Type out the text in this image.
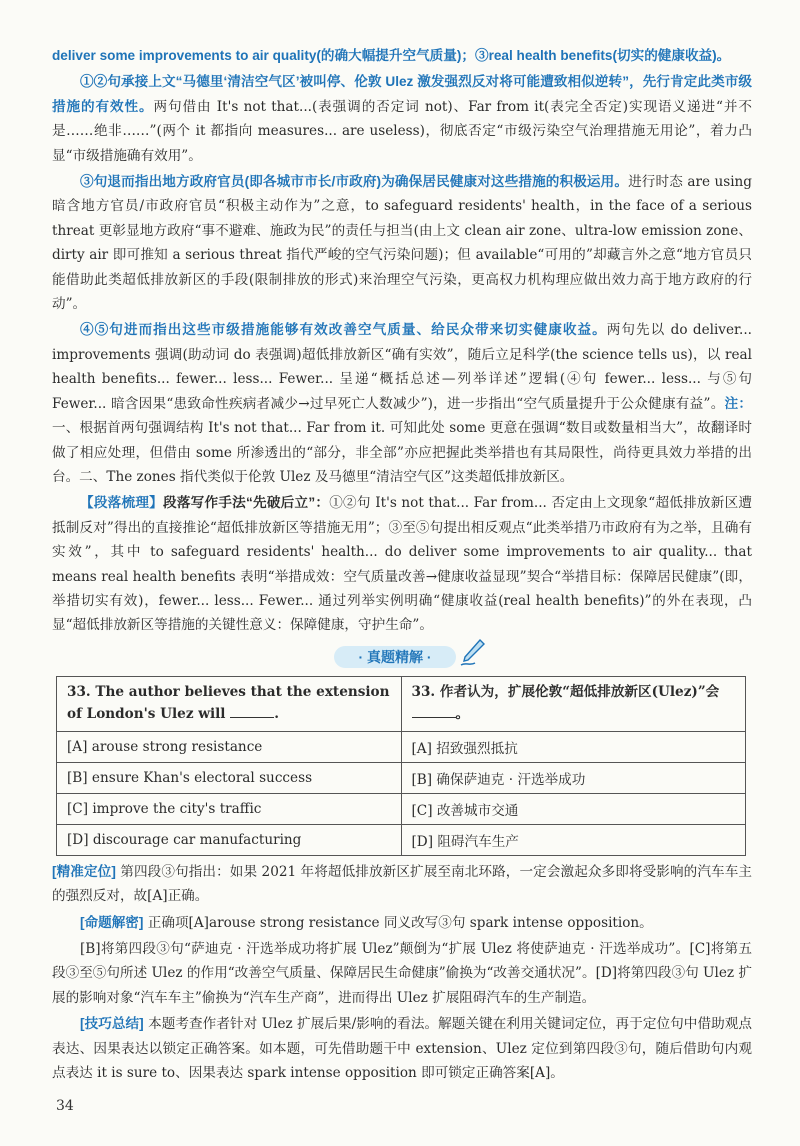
deliver some improvements to air quality(的确大幅提升空气质量)；③real health benefits(切实的健康收益)。

①②句承接上文“马德里‘清洁空气区’被叫停、伦敦 Ulez 激发强烈反对将可能遭致相似逆转”，先行肯定此类市级措施的有效性。两句借由 It's not that...(表强调的否定词 not)、Far from it(表完全否定)实现语义递进“并不是……绝非……”(两个 it 都指向 measures... are useless)，彻底否定“市级污染空气治理措施无用论”，着力凸显“市级措施确有效用”。

③句退而指出地方政府官员(即各城市市长/市政府)为确保居民健康对这些措施的积极运用。进行时态 are using 暗含地方官员/市政府官员“积极主动作为”之意，to safeguard residents' health，in the face of a serious threat 更彰显地方政府“事不避难、施政为民”的责任与担当(由上文 clean air zone、ultra-low emission zone、dirty air 即可推知 a serious threat 指代严峻的空气污染问题)；但 available“可用的”却藏言外之意“地方官员只能借助此类超低排放新区的手段(限制排放的形式)来治理空气污染，更高权力机构理应做出效力高于地方政府的行动”。

④⑤句进而指出这些市级措施能够有效改善空气质量、给民众带来切实健康收益。两句先以 do deliver... improvements 强调(助动词 do 表强调)超低排放新区“确有实效”，随后立足科学(the science tells us)，以 real health benefits... fewer... less... Fewer... 呈递“概括总述—列举详述”逻辑(④句 fewer... less... 与⑤句 Fewer... 暗含因果“患致命性疾病者减少→过早死亡人数减少”)，进一步指出“空气质量提升于公众健康有益”。注：一、根据首两句强调结构 It's not that... Far from it. 可知此处 some 更意在强调“数目或数量相当大”，故翻译时做了相应处理，但借由 some 所渗透出的“部分，非全部”亦应把握此类举措也有其局限性，尚待更具效力举措的出台。二、The zones 指代类似于伦敦 Ulez 及马德里“清洁空气区”这类超低排放新区。

【段落梳理】段落写作手法“先破后立”：①②句 It's not that... Far from... 否定由上文现象“超低排放新区遭抵制反对”得出的直接推论“超低排放新区等措施无用”；③至⑤句提出相反观点“此类举措乃市政府有为之举，且确有实效”，其中 to safeguard residents' health... do deliver some improvements to air quality... that means real health benefits 表明“举措成效：空气质量改善→健康收益显现”契合“举措目标：保障居民健康”(即，举措切实有效)，fewer... less... Fewer... 通过列举实例明确“健康收益(real health benefits)”的外在表现，凸显“超低排放新区等措施的关键性意义：保障健康，守护生命”。

· 真题精解 ·
33. The author believes that the extension of London's Ulez will .	33. 作者认为，扩展伦敦“超低排放新区(Ulez)”会。
[A] arouse strong resistance	[A] 招致强烈抵抗
[B] ensure Khan's electoral success	[B] 确保萨迪克 · 汗选举成功
[C] improve the city's traffic	[C] 改善城市交通
[D] discourage car manufacturing	[D] 阻碍汽车生产

[精准定位] 第四段③句指出：如果 2021 年将超低排放新区扩展至南北环路，一定会激起众多即将受影响的汽车车主的强烈反对，故[A]正确。

[命题解密] 正确项[A]arouse strong resistance 同义改写③句 spark intense opposition。

[B]将第四段③句“萨迪克 · 汗选举成功将扩展 Ulez”颠倒为“扩展 Ulez 将使萨迪克 · 汗选举成功”。[C]将第五段③至⑤句所述 Ulez 的作用“改善空气质量、保障居民生命健康”偷换为“改善交通状况”。[D]将第四段③句 Ulez 扩展的影响对象“汽车车主”偷换为“汽车生产商”，进而得出 Ulez 扩展阻碍汽车的生产制造。

[技巧总结] 本题考查作者针对 Ulez 扩展后果/影响的看法。解题关键在利用关键词定位，再于定位句中借助观点表达、因果表达以锁定正确答案。如本题，可先借助题干中 extension、Ulez 定位到第四段③句，随后借助句内观点表达 it is sure to、因果表达 spark intense opposition 即可锁定正确答案[A]。

34
